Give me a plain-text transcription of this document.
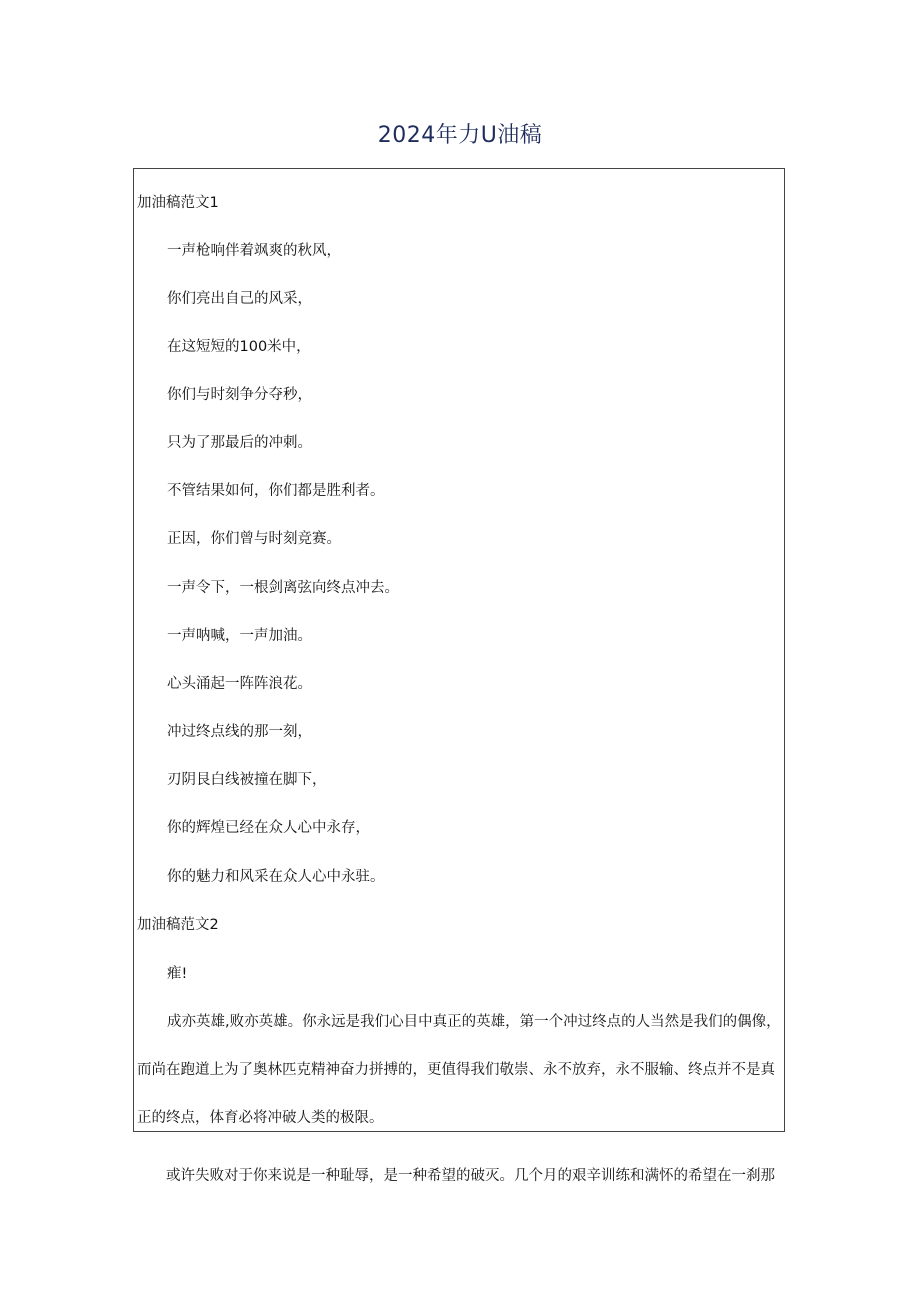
2024年力U油稿
加油稿范文1
一声枪响伴着飒爽的秋风，
你们亮出自己的风采，
在这短短的100米中，
你们与时刻争分夺秒，
只为了那最后的冲刺。
不管结果如何，你们都是胜利者。
正因，你们曾与时刻竞赛。
一声令下，一根剑离弦向终点冲去。
一声呐喊，一声加油。
心头涌起一阵阵浪花。
冲过终点线的那一刻，
刃阴艮白线被撞在脚下，
你的辉煌已经在众人心中永存，
你的魅力和风采在众人心中永驻。
加油稿范文2
痽!
成亦英雄,败亦英雄。你永远是我们心目中真正的英雄，第一个冲过终点的人当然是我们的偶像，
而尚在跑道上为了奥林匹克精神奋力拼搏的，更值得我们敬崇、永不放弃，永不服输、终点并不是真
正的终点，体育必将冲破人类的极限。
或许失败对于你来说是一种耻辱，是一种希望的破灭。几个月的艰辛训练和满怀的希望在一刹那
